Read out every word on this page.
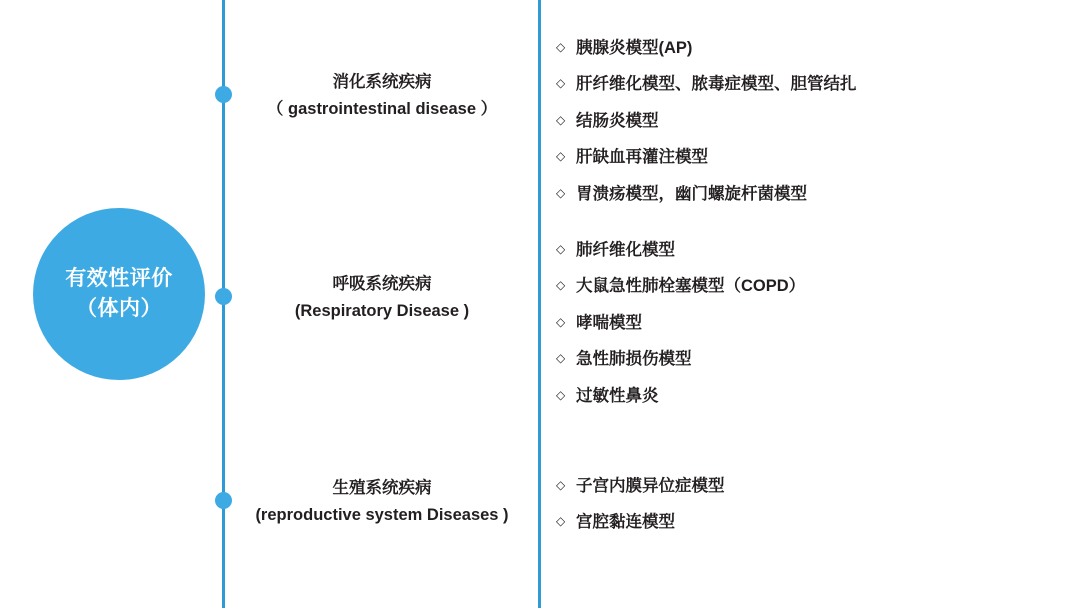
有效性评价
（体内）
消化系统疾病
（ gastrointestinal disease ）
呼吸系统疾病
(Respiratory Disease )
生殖系统疾病
(reproductive system Diseases )
◇ 胰腺炎模型(AP)
◇ 肝纤维化模型、脓毒症模型、胆管结扎
◇ 结肠炎模型
◇ 肝缺血再灌注模型
◇ 胃溃疡模型，幽门螺旋杆菌模型
◇ 肺纤维化模型
◇ 大鼠急性肺栓塞模型（COPD）
◇ 哮喘模型
◇ 急性肺损伤模型
◇ 过敏性鼻炎
◇ 子宫内膜异位症模型
◇ 宫腔黏连模型
